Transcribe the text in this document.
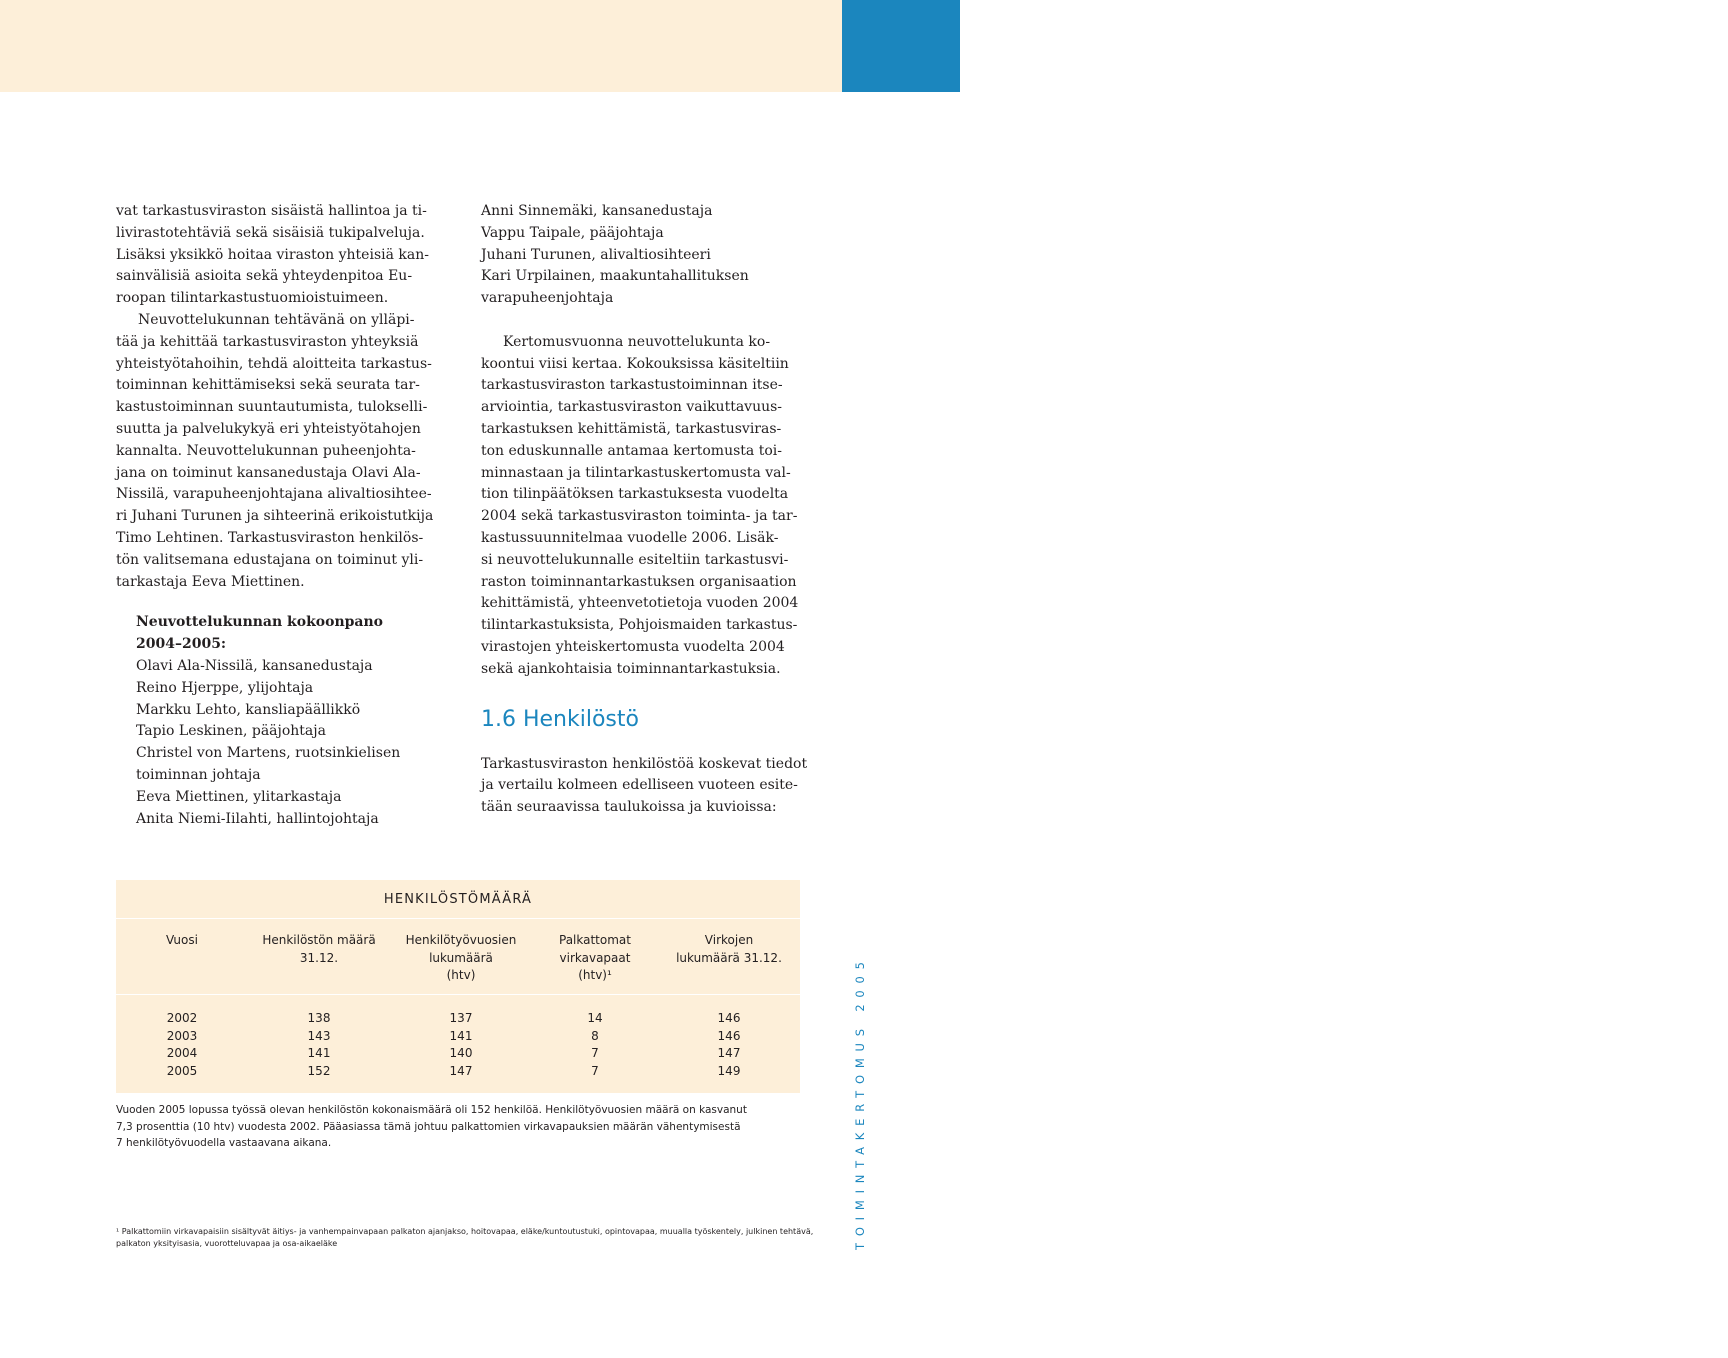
7

vat tarkastusviraston sisäistä hallintoa ja ti-
livirastotehtäviä sekä sisäisiä tukipalveluja.
Lisäksi yksikkö hoitaa viraston yhteisiä kan-
sainvälisiä asioita sekä yhteydenpitoa Eu-
roopan tilintarkastustuomioistuimeen.

Neuvottelukunnan tehtävänä on ylläpi-
tää ja kehittää tarkastusviraston yhteyksiä
yhteistyötahoihin, tehdä aloitteita tarkastus-
toiminnan kehittämiseksi sekä seurata tar-
kastustoiminnan suuntautumista, tulokselli-
suutta ja palvelukykyä eri yhteistyötahojen
kannalta. Neuvottelukunnan puheenjohta-
jana on toiminut kansanedustaja Olavi Ala-
Nissilä, varapuheenjohtajana alivaltiosihtee-
ri Juhani Turunen ja sihteerinä erikoistutkija
Timo Lehtinen. Tarkastusviraston henkilös-
tön valitsemana edustajana on toiminut yli-
tarkastaja Eeva Miettinen.

Neuvottelukunnan kokoonpano
2004–2005:
Olavi Ala-Nissilä, kansanedustaja
Reino Hjerppe, ylijohtaja
Markku Lehto, kansliapäällikkö
Tapio Leskinen, pääjohtaja
Christel von Martens, ruotsinkielisen
toiminnan johtaja
Eeva Miettinen, ylitarkastaja
Anita Niemi-Iilahti, hallintojohtaja
Anni Sinnemäki, kansanedustaja
Vappu Taipale, pääjohtaja
Juhani Turunen, alivaltiosihteeri
Kari Urpilainen, maakuntahallituksen
varapuheenjohtaja

Kertomusvuonna neuvottelukunta ko-
koontui viisi kertaa. Kokouksissa käsiteltiin
tarkastusviraston tarkastustoiminnan itse-
arviointia, tarkastusviraston vaikuttavuus-
tarkastuksen kehittämistä, tarkastusviras-
ton eduskunnalle antamaa kertomusta toi-
minnastaan ja tilintarkastuskertomusta val-
tion tilinpäätöksen tarkastuksesta vuodelta
2004 sekä tarkastusviraston toiminta- ja tar-
kastussuunnitelmaa vuodelle 2006. Lisäk-
si neuvottelukunnalle esiteltiin tarkastusvi-
raston toiminnantarkastuksen organisaation
kehittämistä, yhteenvetotietoja vuoden 2004
tilintarkastuksista, Pohjoismaiden tarkastus-
virastojen yhteiskertomusta vuodelta 2004
sekä ajankohtaisia toiminnantarkastuksia.

1.6 Henkilöstö

Tarkastusviraston henkilöstöä koskevat tiedot
ja vertailu kolmeen edelliseen vuoteen esite-
tään seuraavissa taulukoissa ja kuvioissa:

HENKILÖSTÖMÄÄRÄ
Vuosi
2002
2003
2004
2005
Henkilöstön määrä
31.12.
138
143
141
152
Henkilötyövuosien
lukumäärä
(htv)
137
141
140
147
Palkattomat
virkavapaat
(htv)¹
14
8
7
7
Virkojen
lukumäärä 31.12.
146
146
147
149
Vuoden 2005 lopussa työssä olevan henkilöstön kokonaismäärä oli 152 henkilöä. Henkilötyövuosien määrä on kasvanut
7,3 prosenttia (10 htv) vuodesta 2002. Pääasiassa tämä johtuu palkattomien virkavapauksien määrän vähentymisestä
7 henkilötyövuodella vastaavana aikana.
¹ Palkattomiin virkavapaisiin sisältyvät äitiys- ja vanhempainvapaan palkaton ajanjakso, hoitovapaa, eläke/kuntoutustuki, opintovapaa, muualla työskentely, julkinen tehtävä,
palkaton yksityisasia, vuorotteluvapaa ja osa-aikaeläke	TOIMINTAKERTOMUS 2005
